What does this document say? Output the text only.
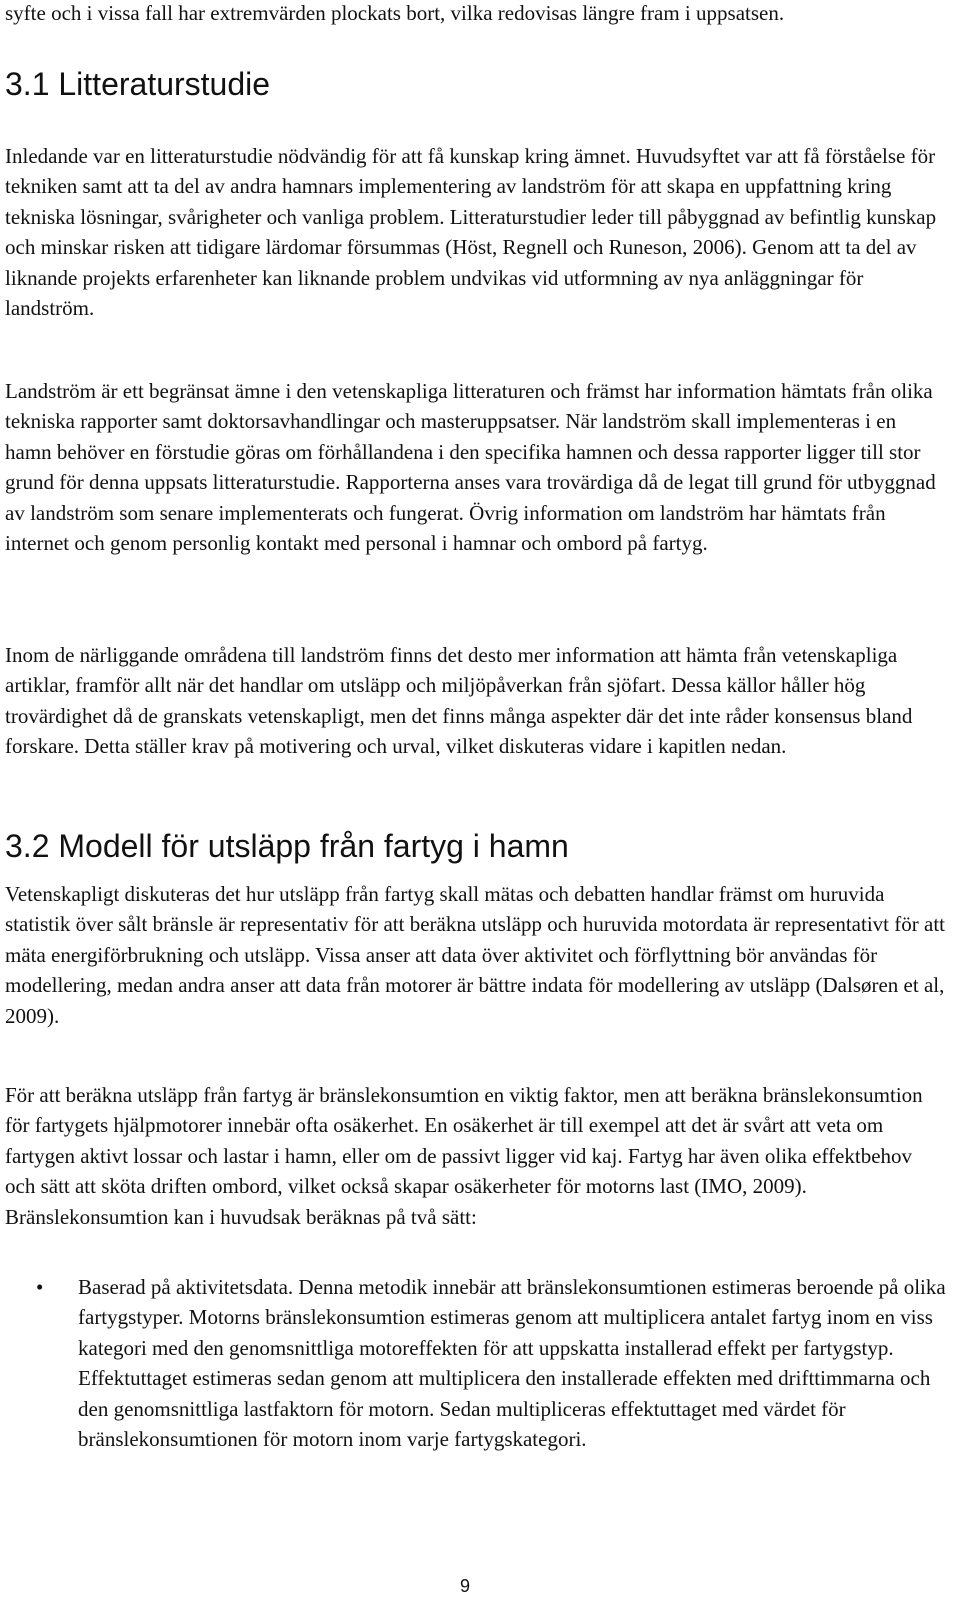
syfte och i vissa fall har extremvärden plockats bort, vilka redovisas längre fram i uppsatsen.

3.1 Litteraturstudie

Inledande var en litteraturstudie nödvändig för att få kunskap kring ämnet. Huvudsyftet var att få förståelse för tekniken samt att ta del av andra hamnars implementering av landström för att skapa en uppfattning kring tekniska lösningar, svårigheter och vanliga problem. Litteraturstudier leder till påbyggnad av befintlig kunskap och minskar risken att tidigare lärdomar försummas (Höst, Regnell och Runeson, 2006). Genom att ta del av liknande projekts erfarenheter kan liknande problem undvikas vid utformning av nya anläggningar för landström.

Landström är ett begränsat ämne i den vetenskapliga litteraturen och främst har information hämtats från olika tekniska rapporter samt doktorsavhandlingar och masteruppsatser. När landström skall implementeras i en hamn behöver en förstudie göras om förhållandena i den specifika hamnen och dessa rapporter ligger till stor grund för denna uppsats litteraturstudie. Rapporterna anses vara trovärdiga då de legat till grund för utbyggnad av landström som senare implementerats och fungerat. Övrig information om landström har hämtats från internet och genom personlig kontakt med personal i hamnar och ombord på fartyg.

Inom de närliggande områdena till landström finns det desto mer information att hämta från vetenskapliga artiklar, framför allt när det handlar om utsläpp och miljöpåverkan från sjöfart. Dessa källor håller hög trovärdighet då de granskats vetenskapligt, men det finns många aspekter där det inte råder konsensus bland forskare. Detta ställer krav på motivering och urval, vilket diskuteras vidare i kapitlen nedan.

3.2 Modell för utsläpp från fartyg i hamn

Vetenskapligt diskuteras det hur utsläpp från fartyg skall mätas och debatten handlar främst om huruvida statistik över sålt bränsle är representativ för att beräkna utsläpp och huruvida motordata är representativt för att mäta energiförbrukning och utsläpp. Vissa anser att data över aktivitet och förflyttning bör användas för modellering, medan andra anser att data från motorer är bättre indata för modellering av utsläpp (Dalsøren et al, 2009).

För att beräkna utsläpp från fartyg är bränslekonsumtion en viktig faktor, men att beräkna bränslekonsumtion för fartygets hjälpmotorer innebär ofta osäkerhet. En osäkerhet är till exempel att det är svårt att veta om fartygen aktivt lossar och lastar i hamn, eller om de passivt ligger vid kaj. Fartyg har även olika effektbehov och sätt att sköta driften ombord, vilket också skapar osäkerheter för motorns last (IMO, 2009). Bränslekonsumtion kan i huvudsak beräknas på två sätt:

• Baserad på aktivitetsdata. Denna metodik innebär att bränslekonsumtionen estimeras beroende på olika fartygstyper. Motorns bränslekonsumtion estimeras genom att multiplicera antalet fartyg inom en viss kategori med den genomsnittliga motoreffekten för att uppskatta installerad effekt per fartygstyp. Effektuttaget estimeras sedan genom att multiplicera den installerade effekten med drifttimmarna och den genomsnittliga lastfaktorn för motorn. Sedan multipliceras effektuttaget med värdet för bränslekonsumtionen för motorn inom varje fartygskategori.

9
